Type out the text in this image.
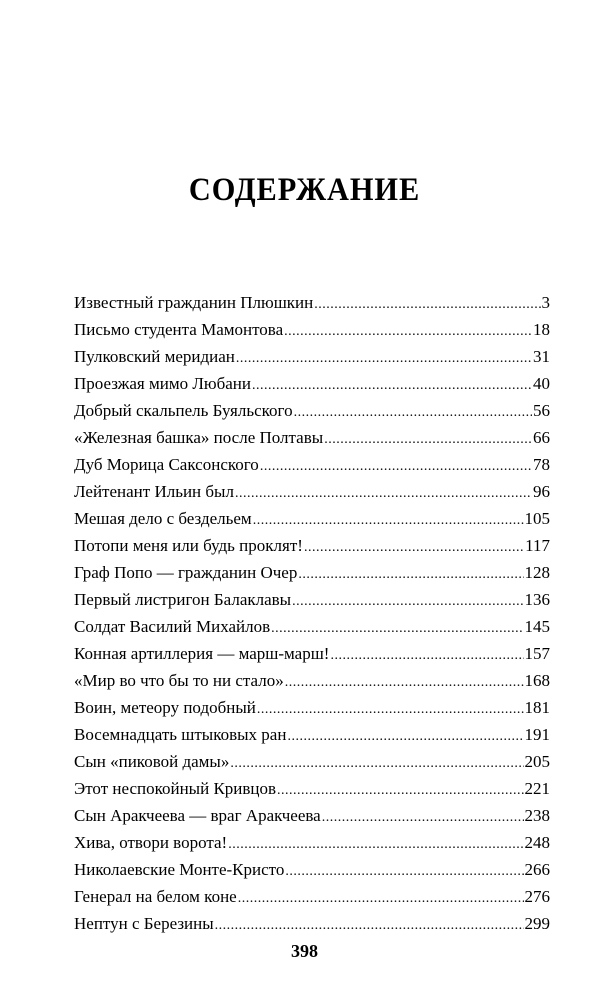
СОДЕРЖАНИЕ
Известный гражданин Плюшкин .....	3
Письмо студента Мамонтова .....	18
Пулковский меридиан .....	31
Проезжая мимо Любани .....	40
Добрый скальпель Буяльского .....	56
«Железная башка» после Полтавы .....	66
Дуб Морица Саксонского .....	78
Лейтенант Ильин был .....	96
Мешая дело с бездельем .....	105
Потопи меня или будь проклят! .....	117
Граф Попо — гражданин Очер .....	128
Первый листригон Балаклавы .....	136
Солдат Василий Михайлов .....	145
Конная артиллерия — марш-марш! .....	157
«Мир во что бы то ни стало» .....	168
Воин, метеору подобный .....	181
Восемнадцать штыковых ран .....	191
Сын «пиковой дамы» .....	205
Этот неспокойный Кривцов .....	221
Сын Аракчеева — враг Аракчеева .....	238
Хива, отвори ворота! .....	248
Николаевские Монте-Кристо .....	266
Генерал на белом коне .....	276
Нептун с Березины .....	299
398
